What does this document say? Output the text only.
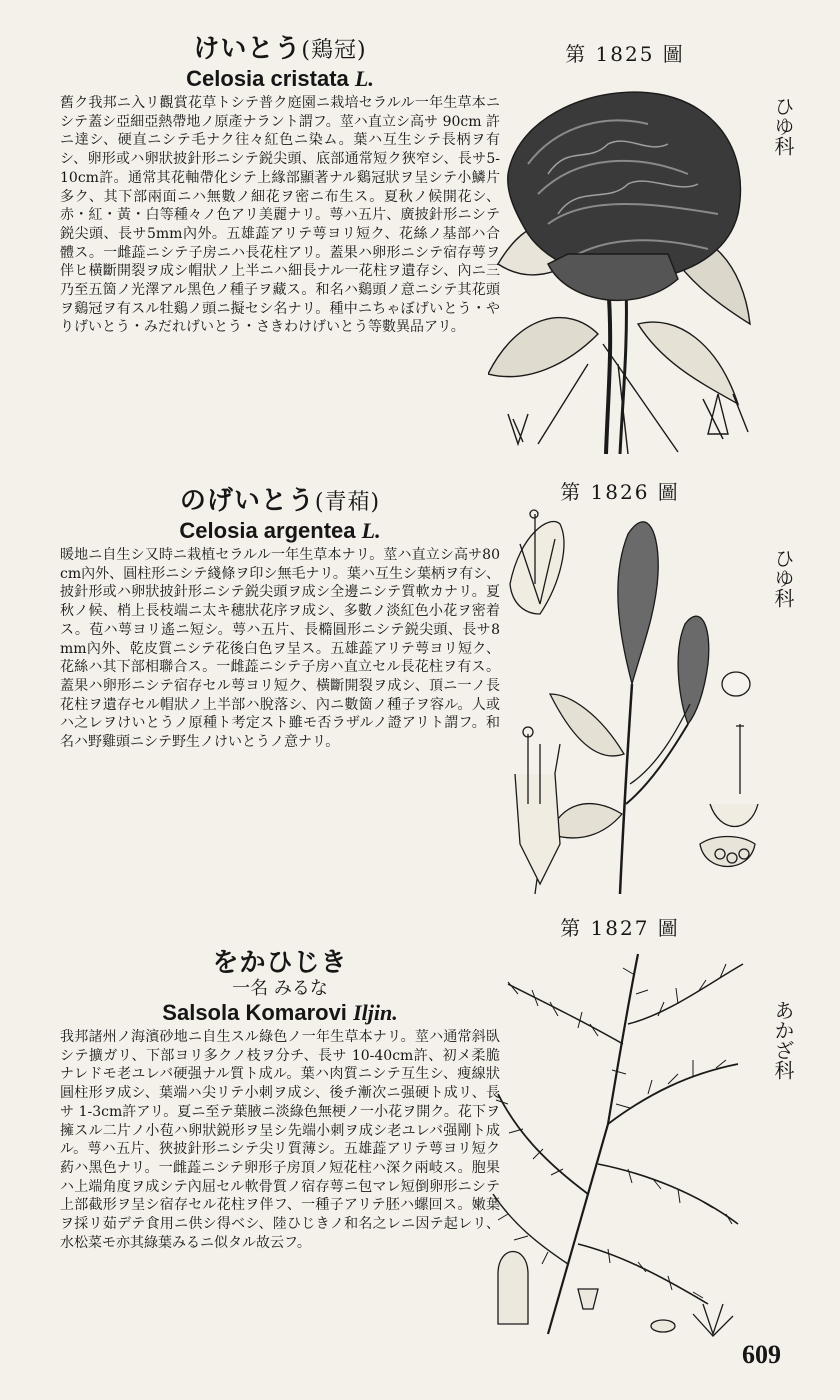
けいとう(鶏冠)
Celosia cristata L.
舊ク我邦ニ入リ觀賞花草トシテ普ク庭園ニ栽培セラルル一年生草本ニシテ蓋シ亞細亞熱帶地ノ原產ナラント謂フ。莖ハ直立シ高サ 90cm 許ニ達シ、硬直ニシテ毛ナク往々紅色ニ染ム。葉ハ互生シテ長柄ヲ有シ、卵形或ハ卵狀披針形ニシテ鋭尖頭、底部通常短ク狹窄シ、長サ5-10cm許。通常其花軸帶化シテ上緣部顯著ナル鷄冠狀ヲ呈シテ小鱗片多ク、其下部兩面ニハ無數ノ細花ヲ密ニ布生ス。夏秋ノ候開花シ、赤・紅・黃・白等種々ノ色アリ美麗ナリ。萼ハ五片、廣披針形ニシテ鋭尖頭、長サ5mm內外。五雄蕋アリテ萼ヨリ短ク、花絲ノ基部ハ合體ス。一雌蕋ニシテ子房ニハ長花柱アリ。蓋果ハ卵形ニシテ宿存萼ヲ伴ヒ橫斷開裂ヲ成シ帽狀ノ上半ニハ細長ナル一花柱ヲ遺存シ、內ニ三乃至五箇ノ光澤アル黑色ノ種子ヲ藏ス。和名ハ鷄頭ノ意ニシテ其花頭ヲ鷄冠ヲ有スル牡鷄ノ頭ニ擬セシ名ナリ。種中ニちゃぼげいとう・やりげいとう・みだれげいとう・さきわけげいとう等數異品アリ。
第 1825 圖
ひゆ科
のげいとう(青葙)
Celosia argentea L.
暖地ニ自生シ又時ニ栽植セラルル一年生草本ナリ。莖ハ直立シ高サ80cm內外、圓柱形ニシテ綫條ヲ印シ無毛ナリ。葉ハ互生シ葉柄ヲ有シ、披針形或ハ卵狀披針形ニシテ鋭尖頭ヲ成シ全邊ニシテ質軟カナリ。夏秋ノ候、梢上長枝端ニ太キ穗狀花序ヲ成シ、多數ノ淡紅色小花ヲ密着ス。苞ハ萼ヨリ遙ニ短シ。萼ハ五片、長橢圓形ニシテ鋭尖頭、長サ8mm內外、乾皮質ニシテ花後白色ヲ呈ス。五雄蕋アリテ萼ヨリ短ク、花絲ハ其下部相聯合ス。一雌蕋ニシテ子房ハ直立セル長花柱ヲ有ス。蓋果ハ卵形ニシテ宿存セル萼ヨリ短ク、橫斷開裂ヲ成シ、頂ニ一ノ長花柱ヲ遺存セル帽狀ノ上半部ハ脫落シ、內ニ數箇ノ種子ヲ容ル。人或ハ之レヲけいとうノ原種ト考定スト雖モ否ラザルノ證アリト謂フ。和名ハ野雞頭ニシテ野生ノけいとうノ意ナリ。
第 1826 圖
ひゆ科
をかひじき
一名 みるな
Salsola Komarovi Iljin.
我邦諸州ノ海濱砂地ニ自生スル綠色ノ一年生草本ナリ。莖ハ通常斜臥シテ擴ガリ、下部ヨリ多クノ枝ヲ分チ、長サ 10-40cm許、初メ柔脆ナレドモ老ユレバ硬强ナル質ト成ル。葉ハ肉質ニシテ互生シ、痩線狀圓柱形ヲ成シ、葉端ハ尖リテ小刺ヲ成シ、後チ漸次ニ强硬ト成リ、長サ 1-3cm許アリ。夏ニ至テ葉腋ニ淡綠色無梗ノ一小花ヲ開ク。花下ヲ擁スル二片ノ小苞ハ卵狀鋭形ヲ呈シ先端小刺ヲ成シ老ユレバ强剛ト成ル。萼ハ五片、狹披針形ニシテ尖リ質薄シ。五雄蕋アリテ萼ヨリ短ク葯ハ黑色ナリ。一雌蕋ニシテ卵形子房頂ノ短花柱ハ深ク兩岐ス。胞果ハ上端角度ヲ成シテ內屈セル軟骨質ノ宿存萼ニ包マレ短倒卵形ニシテ上部截形ヲ呈シ宿存セル花柱ヲ伴フ、一種子アリテ胚ハ螺回ス。嫩葉ヲ採リ茹デテ食用ニ供シ得ベシ、陸ひじきノ和名之レニ因テ起レリ、水松菜モ亦其綠葉みるニ似タル故云フ。
第 1827 圖
あかざ科
609
